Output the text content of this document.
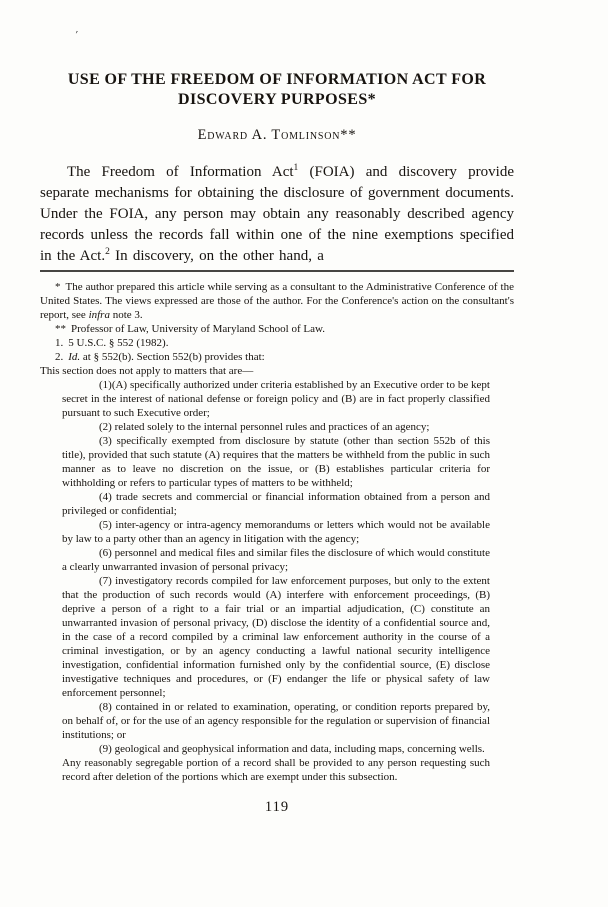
′
USE OF THE FREEDOM OF INFORMATION ACT FOR
DISCOVERY PURPOSES*
Edward A. Tomlinson**

The Freedom of Information Act$^1$ (FOIA) and discovery provide separate mechanisms for obtaining the disclosure of government documents. Under the FOIA, any person may obtain any reasonably described agency records unless the records fall within one of the nine exemptions specified in the Act.$^2$ In discovery, on the other hand, a

* The author prepared this article while serving as a consultant to the Administrative Conference of the United States. The views expressed are those of the author. For the Conference's action on the consultant's report, see infra note 3.

** Professor of Law, University of Maryland School of Law.

1. 5 U.S.C. § 552 (1982).

2. Id. at § 552(b). Section 552(b) provides that:

This section does not apply to matters that are—

(1)(A) specifically authorized under criteria established by an Executive order to be kept secret in the interest of national defense or foreign policy and (B) are in fact properly classified pursuant to such Executive order;

(2) related solely to the internal personnel rules and practices of an agency;

(3) specifically exempted from disclosure by statute (other than section 552b of this title), provided that such statute (A) requires that the matters be withheld from the public in such manner as to leave no discretion on the issue, or (B) establishes particular criteria for withholding or refers to particular types of matters to be withheld;

(4) trade secrets and commercial or financial information obtained from a person and privileged or confidential;

(5) inter-agency or intra-agency memorandums or letters which would not be available by law to a party other than an agency in litigation with the agency;

(6) personnel and medical files and similar files the disclosure of which would constitute a clearly unwarranted invasion of personal privacy;

(7) investigatory records compiled for law enforcement purposes, but only to the extent that the production of such records would (A) interfere with enforcement proceedings, (B) deprive a person of a right to a fair trial or an impartial adjudication, (C) constitute an unwarranted invasion of personal privacy, (D) disclose the identity of a confidential source and, in the case of a record compiled by a criminal law enforcement authority in the course of a criminal investigation, or by an agency conducting a lawful national security intelligence investigation, confidential information furnished only by the confidential source, (E) disclose investigative techniques and procedures, or (F) endanger the life or physical safety of law enforcement personnel;

(8) contained in or related to examination, operating, or condition reports prepared by, on behalf of, or for the use of an agency responsible for the regulation or supervision of financial institutions; or

(9) geological and geophysical information and data, including maps, concerning wells.

Any reasonably segregable portion of a record shall be provided to any person requesting such record after deletion of the portions which are exempt under this subsection.

119
